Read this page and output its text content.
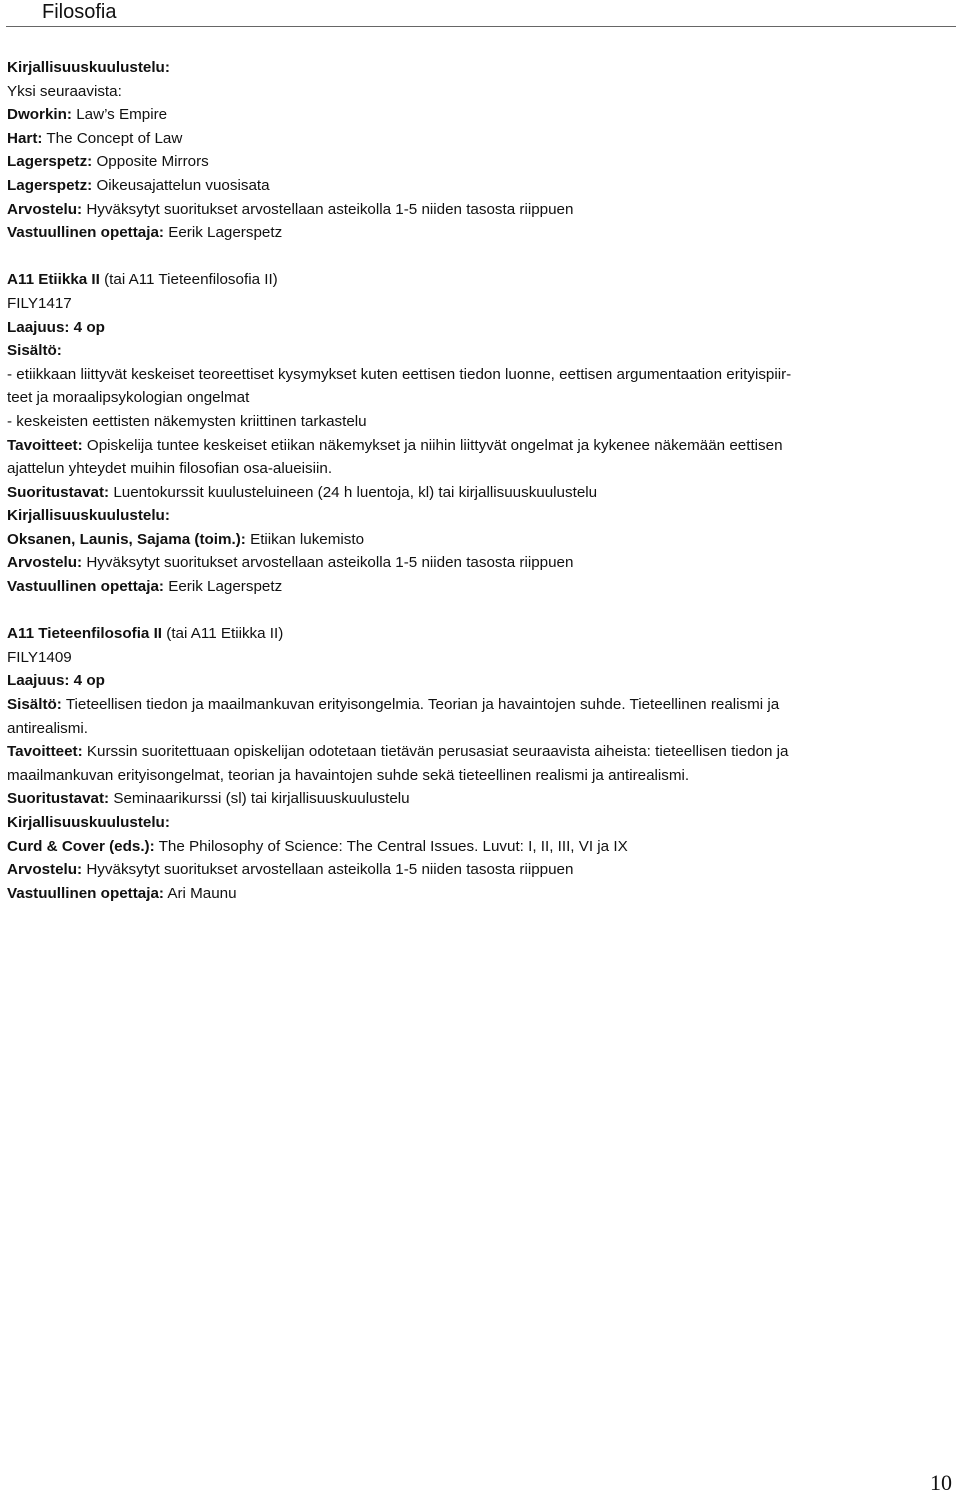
Filosofia
Kirjallisuuskuulustelu:
Yksi seuraavista:
Dworkin: Law’s Empire
Hart: The Concept of Law
Lagerspetz: Opposite Mirrors
Lagerspetz: Oikeusajattelun vuosisata
Arvostelu: Hyväksytyt suoritukset arvostellaan asteikolla 1-5 niiden tasosta riippuen
Vastuullinen opettaja: Eerik Lagerspetz
A11 Etiikka II (tai A11 Tieteenfilosofia II)
FILY1417
Laajuus: 4 op
Sisältö:
- etiikkaan liittyvät keskeiset teoreettiset kysymykset kuten eettisen tiedon luonne, eettisen argumentaation erityispiir-
teet ja moraalipsykologian ongelmat
- keskeisten eettisten näkemysten kriittinen tarkastelu
Tavoitteet: Opiskelija tuntee keskeiset etiikan näkemykset ja niihin liittyvät ongelmat ja kykenee näkemään eettisen
ajattelun yhteydet muihin filosofian osa-alueisiin.
Suoritustavat: Luentokurssit kuulusteluineen (24 h luentoja, kl) tai kirjallisuuskuulustelu
Kirjallisuuskuulustelu:
Oksanen, Launis, Sajama (toim.): Etiikan lukemisto
Arvostelu: Hyväksytyt suoritukset arvostellaan asteikolla 1-5 niiden tasosta riippuen
Vastuullinen opettaja: Eerik Lagerspetz
A11 Tieteenfilosofia II (tai A11 Etiikka II)
FILY1409
Laajuus: 4 op
Sisältö: Tieteellisen tiedon ja maailmankuvan erityisongelmia. Teorian ja havaintojen suhde. Tieteellinen realismi ja
antirealismi.
Tavoitteet: Kurssin suoritettuaan opiskelijan odotetaan tietävän perusasiat seuraavista aiheista: tieteellisen tiedon ja
maailmankuvan erityisongelmat, teorian ja havaintojen suhde sekä tieteellinen realismi ja antirealismi.
Suoritustavat: Seminaarikurssi (sl) tai kirjallisuuskuulustelu
Kirjallisuuskuulustelu:
Curd & Cover (eds.): The Philosophy of Science: The Central Issues. Luvut: I, II, III, VI ja IX
Arvostelu: Hyväksytyt suoritukset arvostellaan asteikolla 1-5 niiden tasosta riippuen
Vastuullinen opettaja: Ari Maunu
10
